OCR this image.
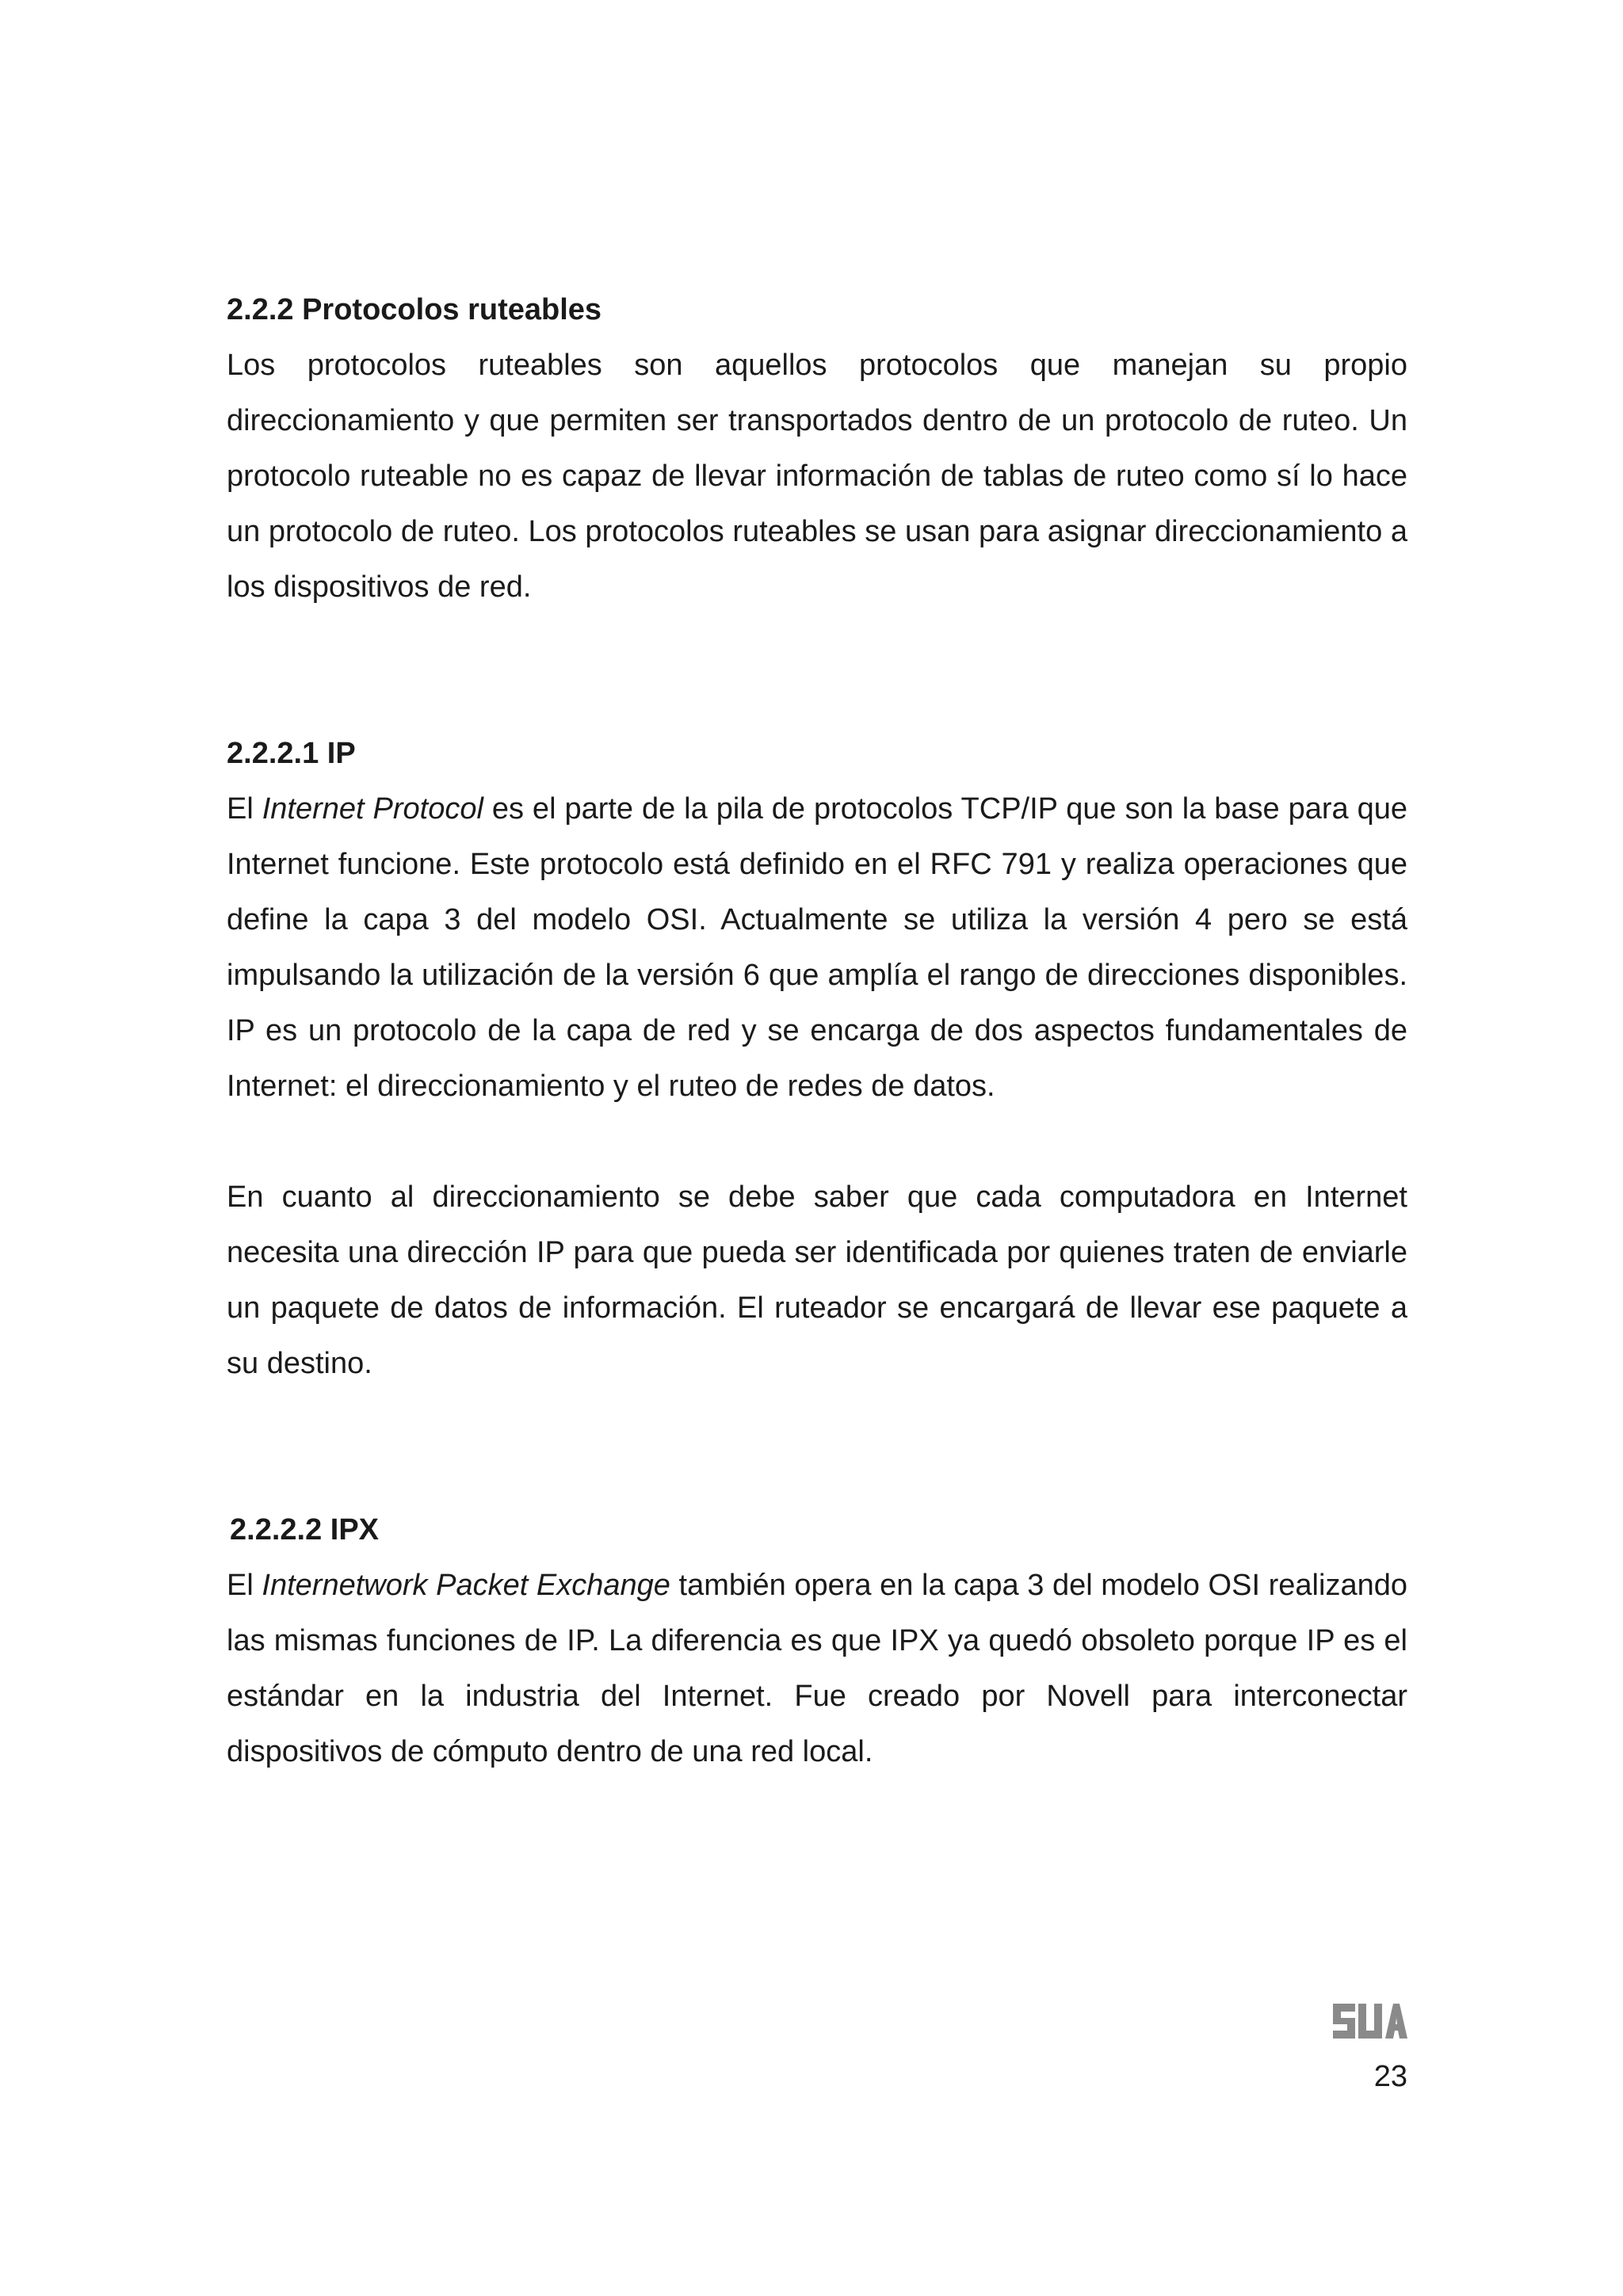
2.2.2 Protocolos ruteables

Los protocolos ruteables son aquellos protocolos que manejan su propio direccionamiento y que permiten ser transportados dentro de un protocolo de ruteo. Un protocolo ruteable no es capaz de llevar información de tablas de ruteo como sí lo hace un protocolo de ruteo. Los protocolos ruteables se usan para asignar direccionamiento a los dispositivos de red.

2.2.2.1 IP

El Internet Protocol es el parte de la pila de protocolos TCP/IP que son la base para que Internet funcione. Este protocolo está definido en el RFC 791 y realiza operaciones que define la capa 3 del modelo OSI. Actualmente se utiliza la versión 4 pero se está impulsando la utilización de la versión 6 que amplía el rango de direcciones disponibles. IP es un protocolo de la capa de red y se encarga de dos aspectos fundamentales de Internet: el direccionamiento y el ruteo de redes de datos.

En cuanto al direccionamiento se debe saber que cada computadora en Internet necesita una dirección IP para que pueda ser identificada por quienes traten de enviarle un paquete de datos de información. El ruteador se encargará de llevar ese paquete a su destino.

2.2.2.2 IPX

El Internetwork Packet Exchange también opera en la capa 3 del modelo OSI realizando las mismas funciones de IP. La diferencia es que IPX ya quedó obsoleto porque IP es el estándar en la industria del Internet. Fue creado por Novell para interconectar dispositivos de cómputo dentro de una red local.

23
